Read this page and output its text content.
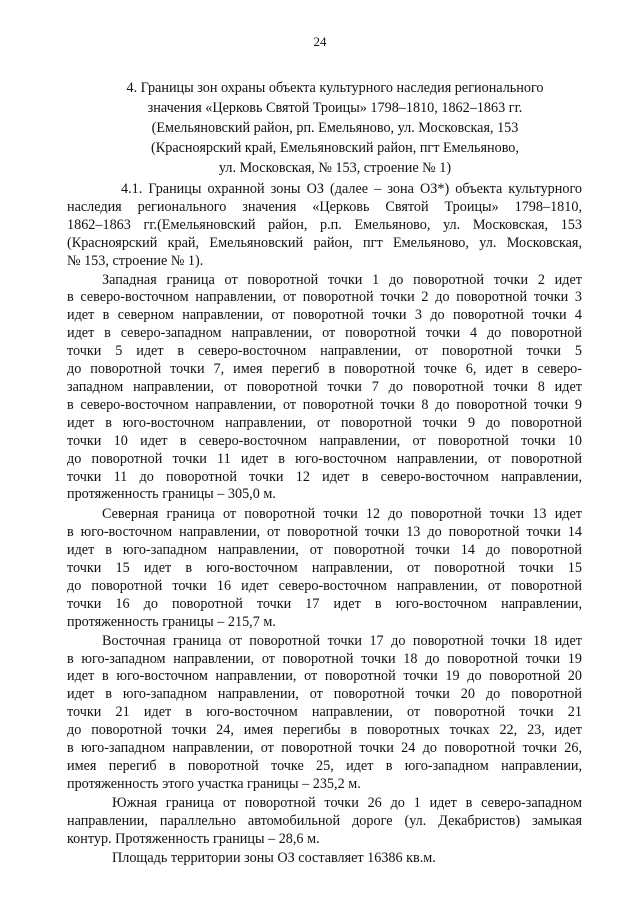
24
4. Границы зон охраны объекта культурного наследия регионального
значения «Церковь Святой Троицы» 1798–1810, 1862–1863 гг.
(Емельяновский район, рп. Емельяново, ул. Московская, 153
(Красноярский край, Емельяновский район, пгт Емельяново,
ул. Московская, № 153, строение № 1)

4.1. Границы охранной зоны ОЗ (далее – зона ОЗ*) объекта культурного
наследия регионального значения «Церковь Святой Троицы» 1798–1810,
1862–1863 гг.(Емельяновский район, р.п. Емельяново, ул. Московская, 153
(Красноярский край, Емельяновский район, пгт Емельяново, ул. Московская,
№ 153, строение № 1).

Западная граница от поворотной точки 1 до поворотной точки 2 идет
в северо-восточном направлении, от поворотной точки 2 до поворотной точки 3
идет в северном направлении, от поворотной точки 3 до поворотной точки 4
идет в северо-западном направлении, от поворотной точки 4 до поворотной
точки 5 идет в северо-восточном направлении, от поворотной точки 5
до поворотной точки 7, имея перегиб в поворотной точке 6, идет в северо-
западном направлении, от поворотной точки 7 до поворотной точки 8 идет
в северо-восточном направлении, от поворотной точки 8 до поворотной точки 9
идет в юго-восточном направлении, от поворотной точки 9 до поворотной
точки 10 идет в северо-восточном направлении, от поворотной точки 10
до поворотной точки 11 идет в юго-восточном направлении, от поворотной
точки 11 до поворотной точки 12 идет в северо-восточном направлении,
протяженность границы – 305,0 м.

Северная граница от поворотной точки 12 до поворотной точки 13 идет
в юго-восточном направлении, от поворотной точки 13 до поворотной точки 14
идет в юго-западном направлении, от поворотной точки 14 до поворотной
точки 15 идет в юго-восточном направлении, от поворотной точки 15
до поворотной точки 16 идет северо-восточном направлении, от поворотной
точки 16 до поворотной точки 17 идет в юго-восточном направлении,
протяженность границы – 215,7 м.

Восточная граница от поворотной точки 17 до поворотной точки 18 идет
в юго-западном направлении, от поворотной точки 18 до поворотной точки 19
идет в юго-восточном направлении, от поворотной точки 19 до поворотной 20
идет в юго-западном направлении, от поворотной точки 20 до поворотной
точки 21 идет в юго-восточном направлении, от поворотной точки 21
до поворотной точки 24, имея перегибы в поворотных точках 22, 23, идет
в юго-западном направлении, от поворотной точки 24 до поворотной точки 26,
имея перегиб в поворотной точке 25, идет в юго-западном направлении,
протяженность этого участка границы – 235,2 м.

Южная граница от поворотной точки 26 до 1 идет в северо-западном
направлении, параллельно автомобильной дороге (ул. Декабристов) замыкая
контур. Протяженность границы – 28,6 м.

Площадь территории зоны ОЗ составляет 16386 кв.м.
